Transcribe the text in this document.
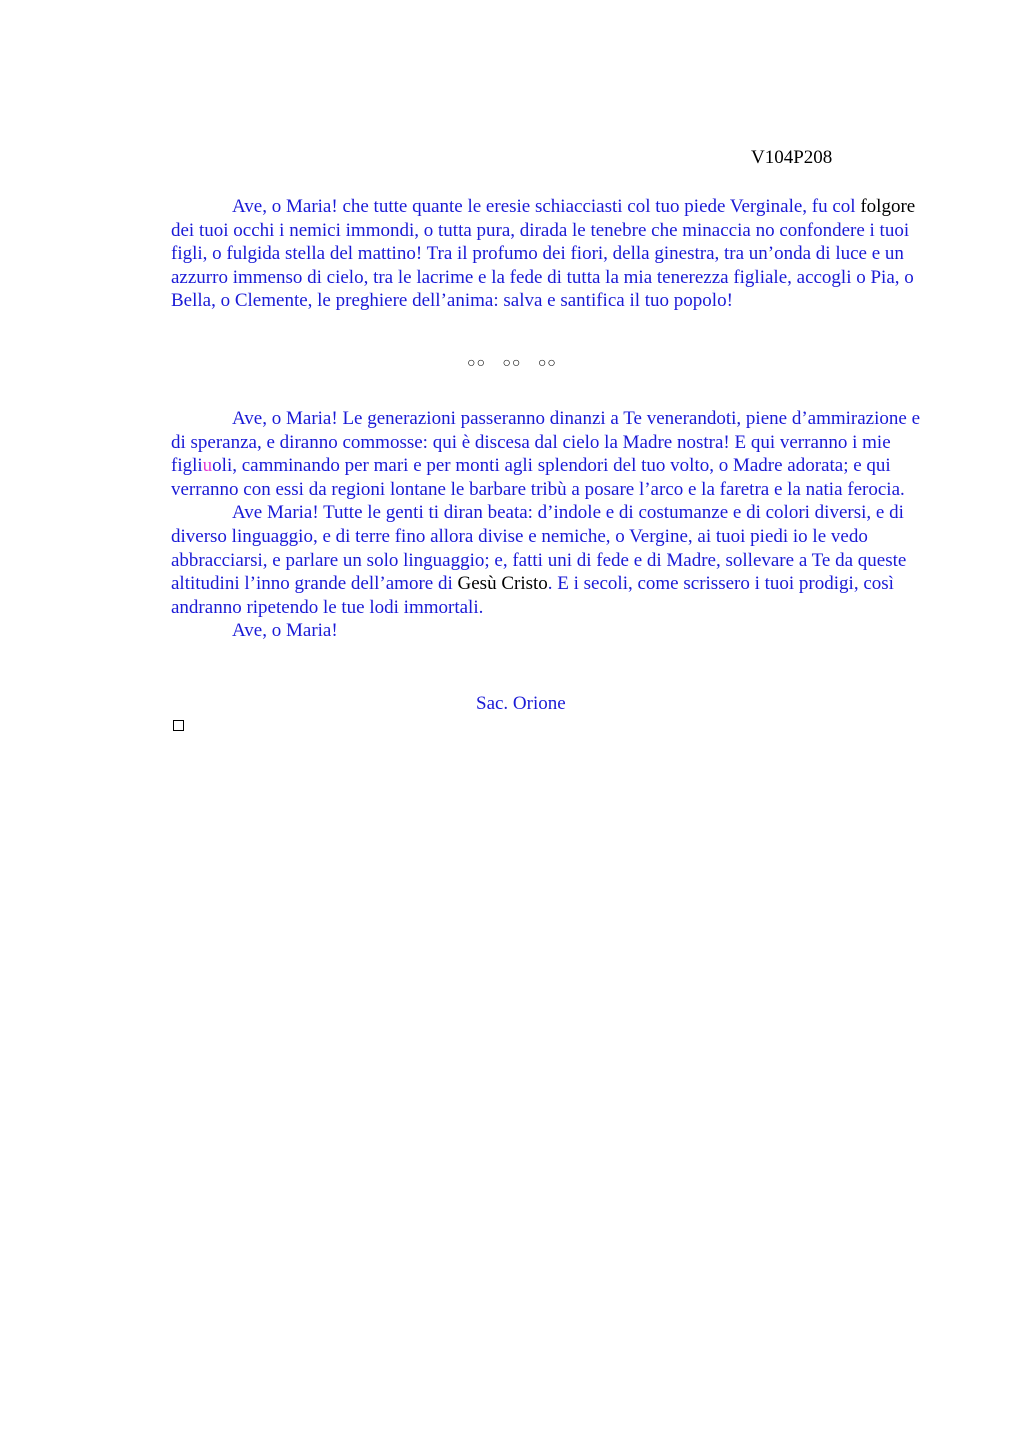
V104P208

Ave, o Maria! che tutte quante le eresie schiacciasti col tuo piede Verginale, fu col folgore dei tuoi occhi i nemici immondi, o tutta pura, dirada le tenebre che minaccia no confondere i tuoi figli, o fulgida stella del mattino! Tra il profumo dei fiori, della ginestra, tra un’onda di luce e un azzurro immenso di cielo, tra le lacrime e la fede di tutta la mia tenerezza figliale, accogli o Pia, o Bella, o Clemente, le preghiere dell’anima: salva e santifica il tuo popolo!

○○ ○○ ○○

Ave, o Maria! Le generazioni passeranno dinanzi a Te venerandoti, piene d’ammirazione e di speranza, e diranno commosse: qui è discesa dal cielo la Madre nostra! E qui verranno i mie figliuoli, camminando per mari e per monti agli splendori del tuo volto, o Madre adorata; e qui verranno con essi da regioni lontane le barbare tribù a posare l’arco e la faretra e la natia ferocia.

Ave Maria! Tutte le genti ti diran beata: d’indole e di costumanze e di colori diversi, e di diverso linguaggio, e di terre fino allora divise e nemiche, o Vergine, ai tuoi piedi io le vedo abbracciarsi, e parlare un solo linguaggio; e, fatti uni di fede e di Madre, sollevare a Te da queste altitudini l’inno grande dell’amore di Gesù Cristo. E i secoli, come scrissero i tuoi prodigi, così andranno ripetendo le tue lodi immortali.

Ave, o Maria!

Sac. Orione
